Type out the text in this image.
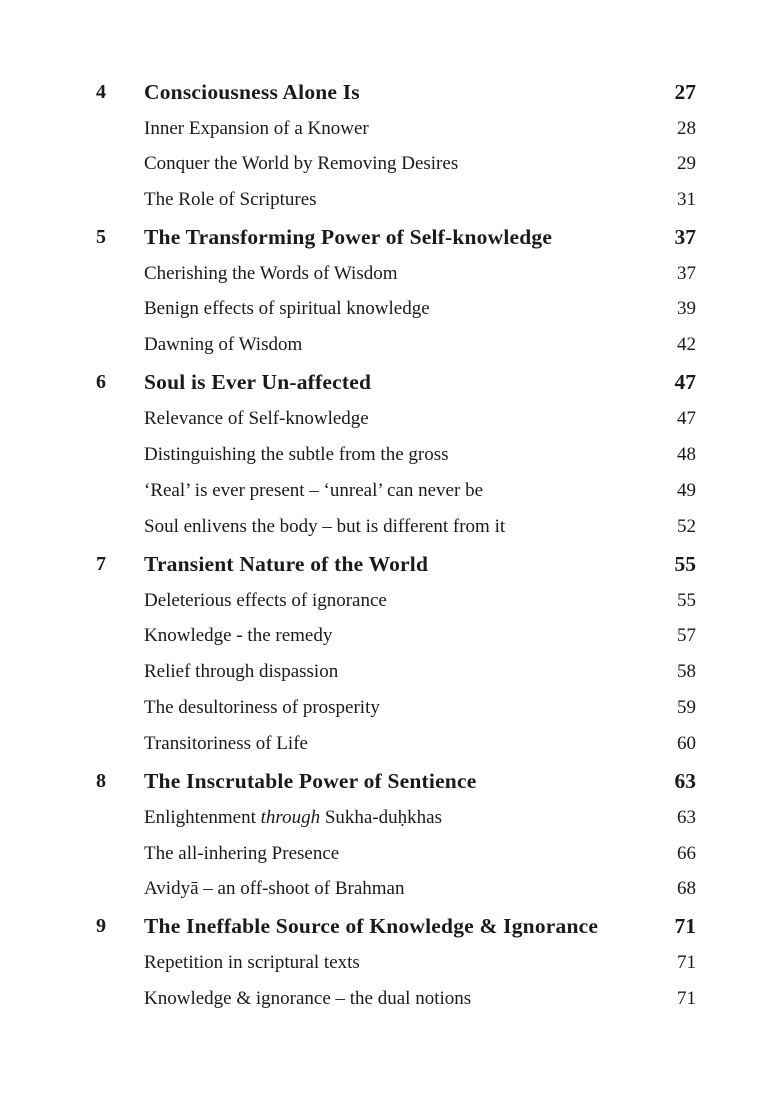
4	Consciousness Alone Is	27
Inner Expansion of a Knower	28
Conquer the World by Removing Desires	29
The Role of Scriptures	31
5	The Transforming Power of Self-knowledge	37
Cherishing the Words of Wisdom	37
Benign effects of spiritual knowledge	39
Dawning of Wisdom	42
6	Soul is Ever Un-affected	47
Relevance of Self-knowledge	47
Distinguishing the subtle from the gross	48
‘Real’ is ever present – ‘unreal’ can never be	49
Soul enlivens the body – but is different from it	52
7	Transient Nature of the World	55
Deleterious effects of ignorance	55
Knowledge - the remedy	57
Relief through dispassion	58
The desultoriness of prosperity	59
Transitoriness of Life	60
8	The Inscrutable Power of Sentience	63
Enlightenment through Sukha-duḥkhas	63
The all-inhering Presence	66
Avidyā – an off-shoot of Brahman	68
9	The Ineffable Source of Knowledge & Ignorance	71
Repetition in scriptural texts	71
Knowledge & ignorance – the dual notions	71
